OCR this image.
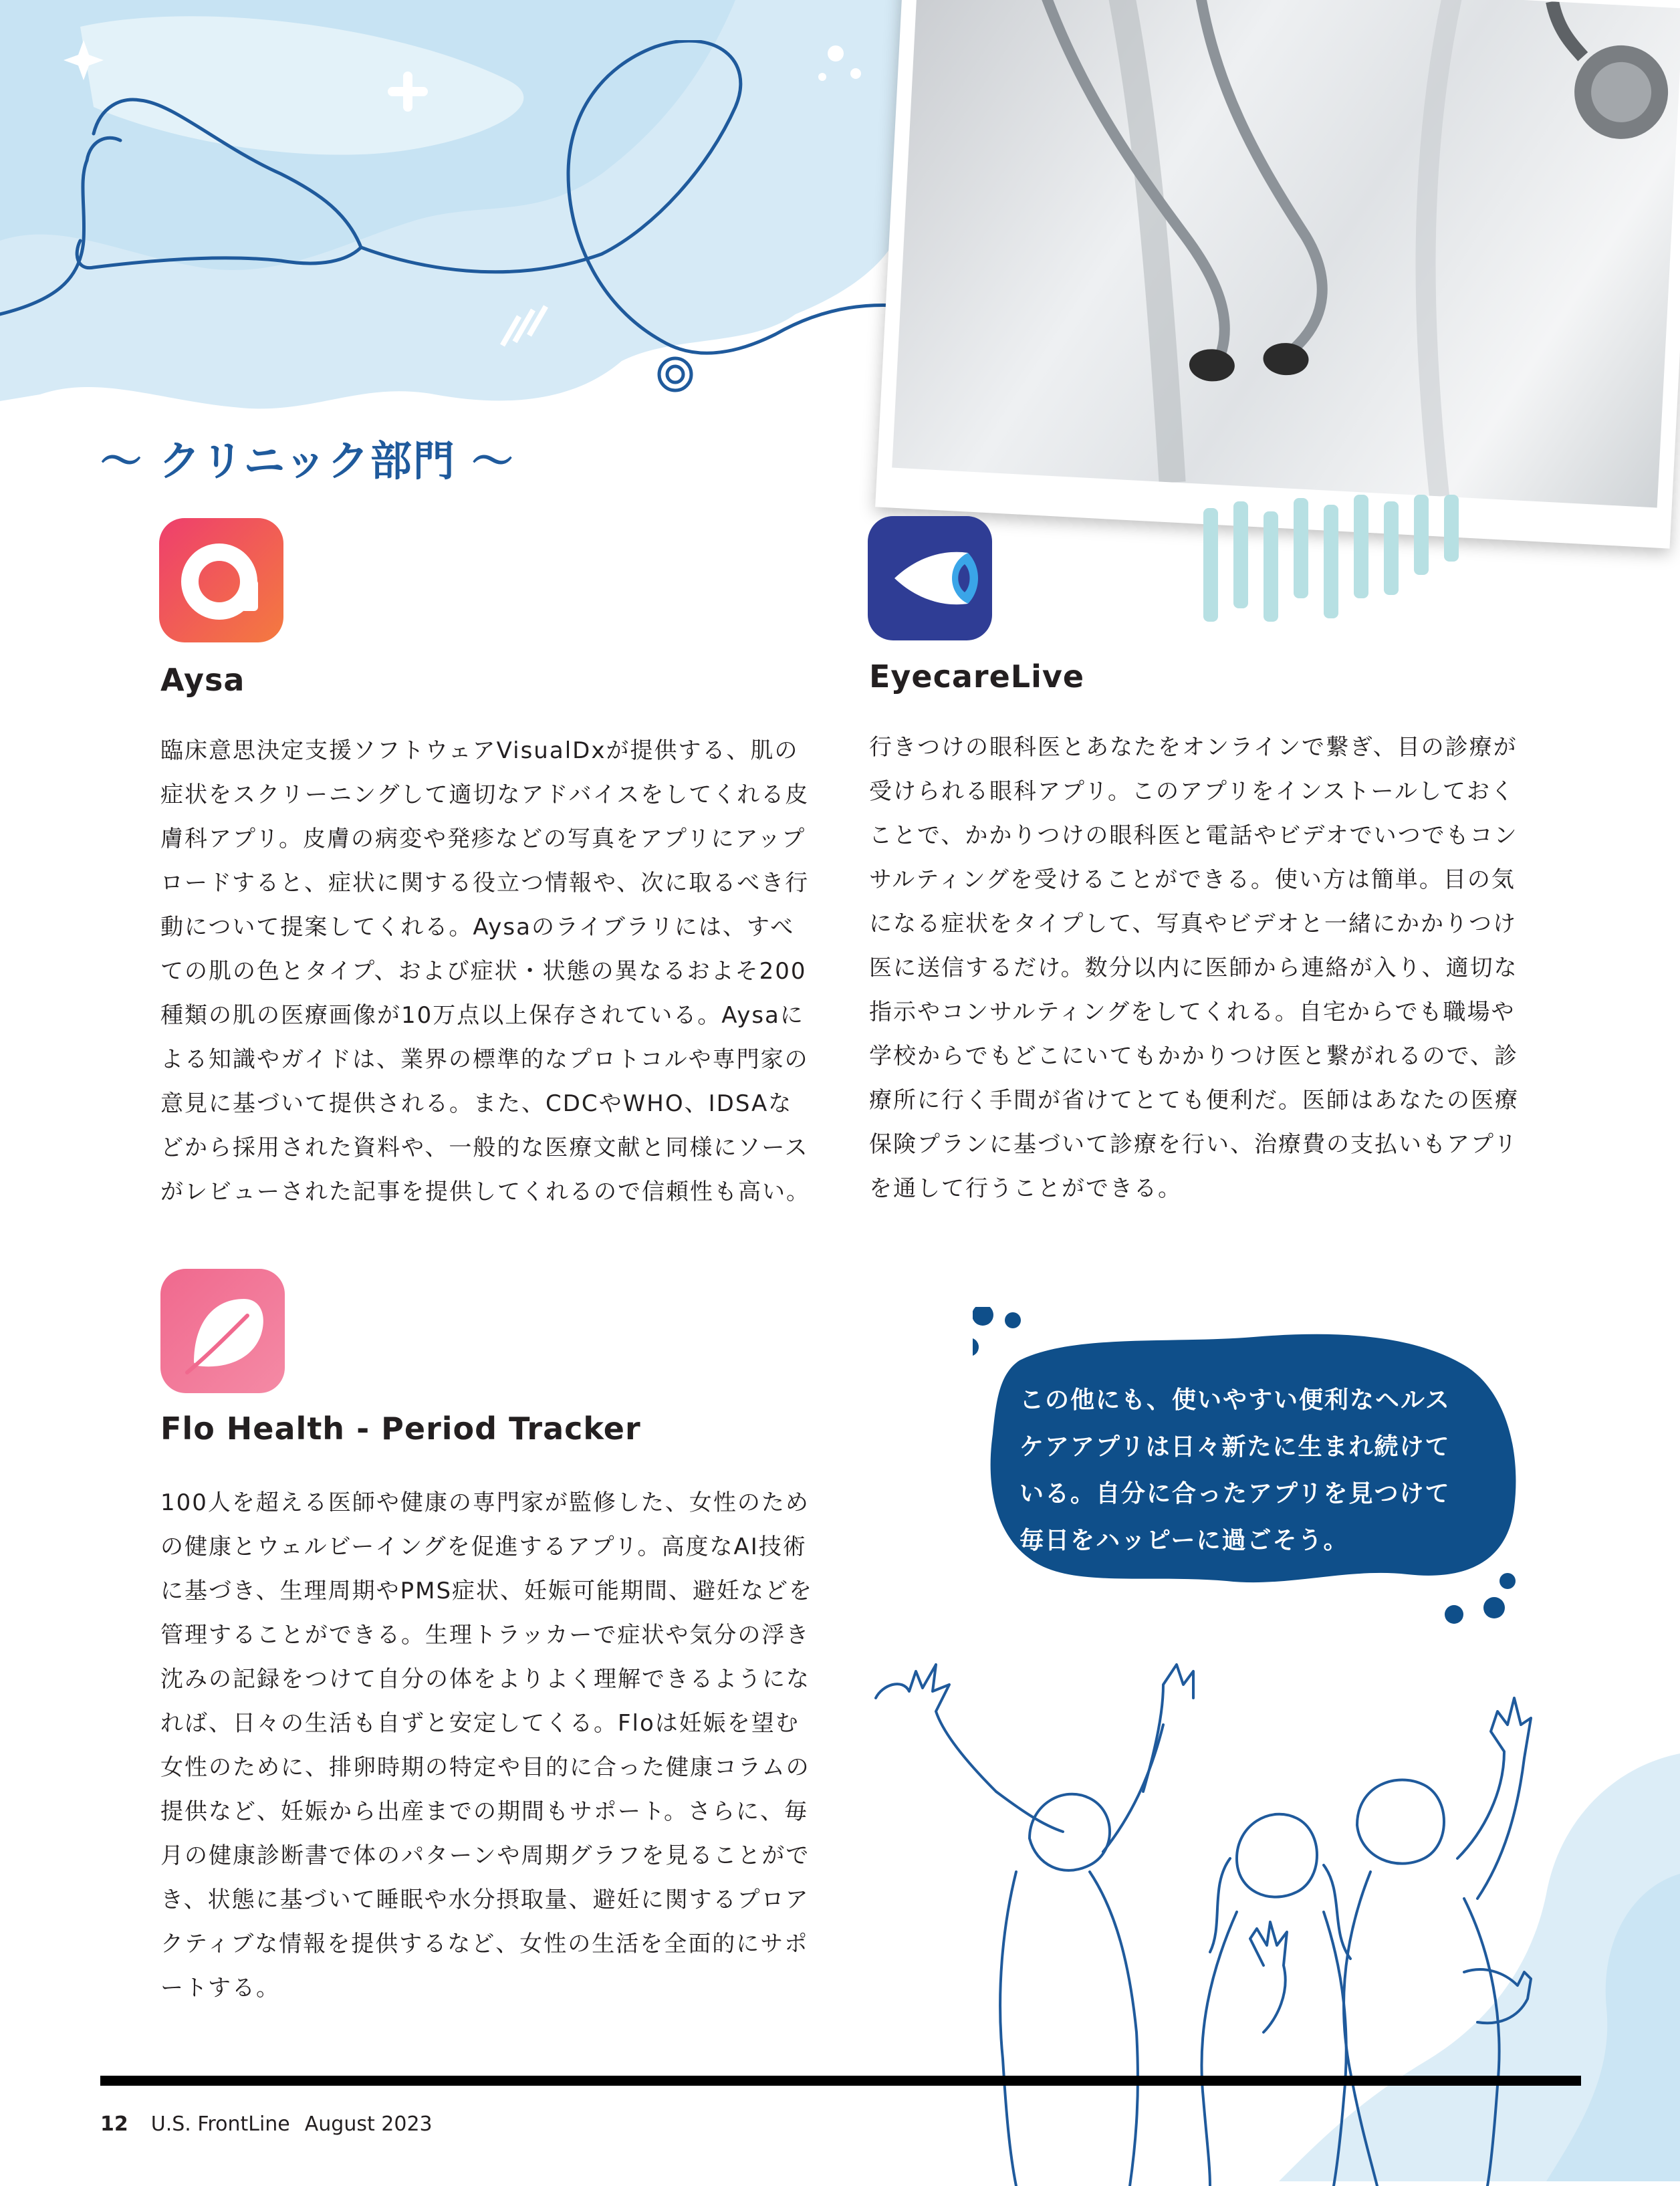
〜 クリニック部門 〜
Aysa
臨床意思決定支援ソフトウェアVisualDxが提供する、肌の症状をスクリーニングして適切なアドバイスをしてくれる皮膚科アプリ。皮膚の病変や発疹などの写真をアプリにアップロードすると、症状に関する役立つ情報や、次に取るべき行動について提案してくれる。Aysaのライブラリには、すべての肌の色とタイプ、および症状・状態の異なるおよそ200種類の肌の医療画像が10万点以上保存されている。Aysaによる知識やガイドは、業界の標準的なプロトコルや専門家の意見に基づいて提供される。また、CDCやWHO、IDSAなどから採用された資料や、一般的な医療文献と同様にソースがレビューされた記事を提供してくれるので信頼性も高い。
EyecareLive
行きつけの眼科医とあなたをオンラインで繋ぎ、目の診療が受けられる眼科アプリ。このアプリをインストールしておくことで、かかりつけの眼科医と電話やビデオでいつでもコンサルティングを受けることができる。使い方は簡単。目の気になる症状をタイプして、写真やビデオと一緒にかかりつけ医に送信するだけ。数分以内に医師から連絡が入り、適切な指示やコンサルティングをしてくれる。自宅からでも職場や学校からでもどこにいてもかかりつけ医と繋がれるので、診療所に行く手間が省けてとても便利だ。医師はあなたの医療保険プランに基づいて診療を行い、治療費の支払いもアプリを通して行うことができる。
Flo Health - Period Tracker
100人を超える医師や健康の専門家が監修した、女性のための健康とウェルビーイングを促進するアプリ。高度なAI技術に基づき、生理周期やPMS症状、妊娠可能期間、避妊などを管理することができる。生理トラッカーで症状や気分の浮き沈みの記録をつけて自分の体をよりよく理解できるようになれば、日々の生活も自ずと安定してくる。Floは妊娠を望む女性のために、排卵時期の特定や目的に合った健康コラムの提供など、妊娠から出産までの期間もサポート。さらに、毎月の健康診断書で体のパターンや周期グラフを見ることができ、状態に基づいて睡眠や水分摂取量、避妊に関するプロアクティブな情報を提供するなど、女性の生活を全面的にサポートする。
この他にも、使いやすい便利なヘルスケアアプリは日々新たに生まれ続けている。自分に合ったアプリを見つけて毎日をハッピーに過ごそう。
12 U.S. FrontLine August 2023
